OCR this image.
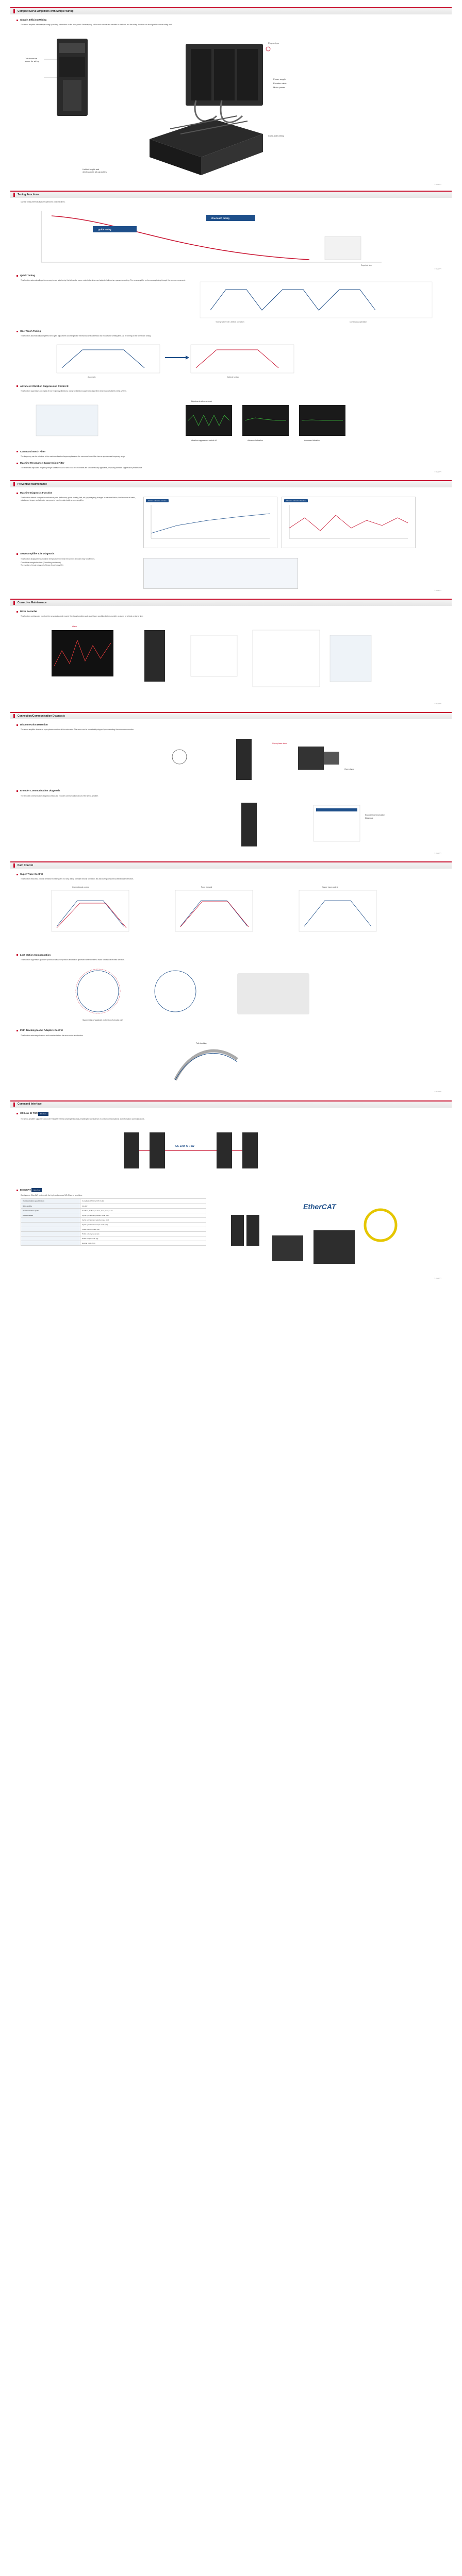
Compact Servo Amplifiers with Simple Wiring
Simple, Efficient Wiring

The servo amplifier offers simple wiring by making connectors on the front panel. Power supply, cables and encoder are installed in the front, and the wiring direction can be aligned to reduce wiring work.

Cut downsize
space for wiring
Plug-in type
Power supply
Encoder cable
Motor power
Close-side wiring
Unified height and
depth across all capacities

© 2023 ???

Tuning Functions

Use the tuning methods that are optimal for your machines.

Quick tuning
One-touch tuning
Required time

© 2023 ???

Quick Tuning

This function automatically performs easy-to-use auto tuning that allows the servo motor to be driven and adjusted without any parameter setting. The servo amplifier performs easy tuning through the servo-on command.

Tuning within 0.3 s before operation	Continuous operation
One-Touch Tuning

This function automatically completes servo gain adjustment according to the mechanical characteristics and reduces the settling time just by turning on the one-touch tuning.

Automatic	Optimal tuning
Advanced Vibration Suppression Control II

This function suppresses two types of low frequency vibrations, owing to vibration suppression algorithm which supports three-inertia system.

Adjustment with one-touch
Vibration suppression control off	Advanced vibration	Advanced vibration
Command Notch Filter

The frequency can be set close to the machine vibration frequency because the command notch filter has an approximate frequency range.

Machine Resonance Suppression Filter

The extended adjustable frequency range is between 10 Hz and 4500 Hz. Five filters are simultaneously applicable, improving vibration suppression performance.

© 2023 ???

Preventive Maintenance
Machine Diagnosis Function

This function detects changes in mechanical parts (ball screw, guide, bearing, belt, etc.) by analyzing changes in machine friction, load moment of inertia, unbalanced torque, and vibration components from the data inside a servo amplifier.	Friction estimation function	Vibration estimation function
Servo Amplifier Life Diagnosis

This function displays the cumulative energization time and the number of inrush relay on/off times.

Cumulative energization time (Smoothing condenser)

The number of inrush relay on/off times (Inrush relay life)

© 2023 ???

Corrective Maintenance
Drive Recorder

This function continuously monitors the servo status and records the status transition such as a trigger condition before and after an alarm for a fixed period of time.

Alarm

© 2023 ???

Connection/Communication Diagnosis
Disconnection Detection

The servo amplifier detects an open-phase condition at the motor side. The servo can be immediately stopped upon detecting the motor disconnection.

Open-phase alarm
Open phase
Encoder Communication Diagnosis

The encoder communication diagnosis checks the encoder communication circuit of the servo amplifier.

Encoder Communication
Diagnosis

© 2023 ???

Path Control
Super Trace Control

This function reduces a position deviation to nearly zero not only during constant velocity operation, but also during constant acceleration/deceleration.

Conventional control	Feed forward	Super trace control
Lost Motion Compensation

This function suppresses quadrant protrusion caused by friction and torsion generated when the servo motor rotates in a reverse direction.

Suppression of quadrant protrusion of circular path
Path Tracking Model Adaptive Control

This function reduces path errors and overshoot when the servo motor accelerates.

Path tracking

© 2023 ???

Command Interface
CC-Link IE TSN
	MR-J5-G

The servo amplifier supports CC-Link IE TSN with the time-sharing technology, enabling the coexistence of control communications and information communications.

CC-Link IE TSN
EtherCAT
	MR-J5-G

Configure an EtherCAT system with the high-performance MR-J5 servo amplifiers.

Communication specification	Compliant with EtherCAT (CoE)
Drive profile	CiA 402
Communication cycle	0.125 ms, 0.25 ms, 0.5 ms, 1 ms, 2 ms, 4 ms
Control mode	Cyclic synchronous position mode (csp)
	Cyclic synchronous velocity mode (csv)
	Cyclic synchronous torque mode (cst)
	Profile position mode (pp)
	Profile velocity mode (pv)
	Profile torque mode (tq)
	Homing mode (hm)
EtherCAT

© 2023 ???
